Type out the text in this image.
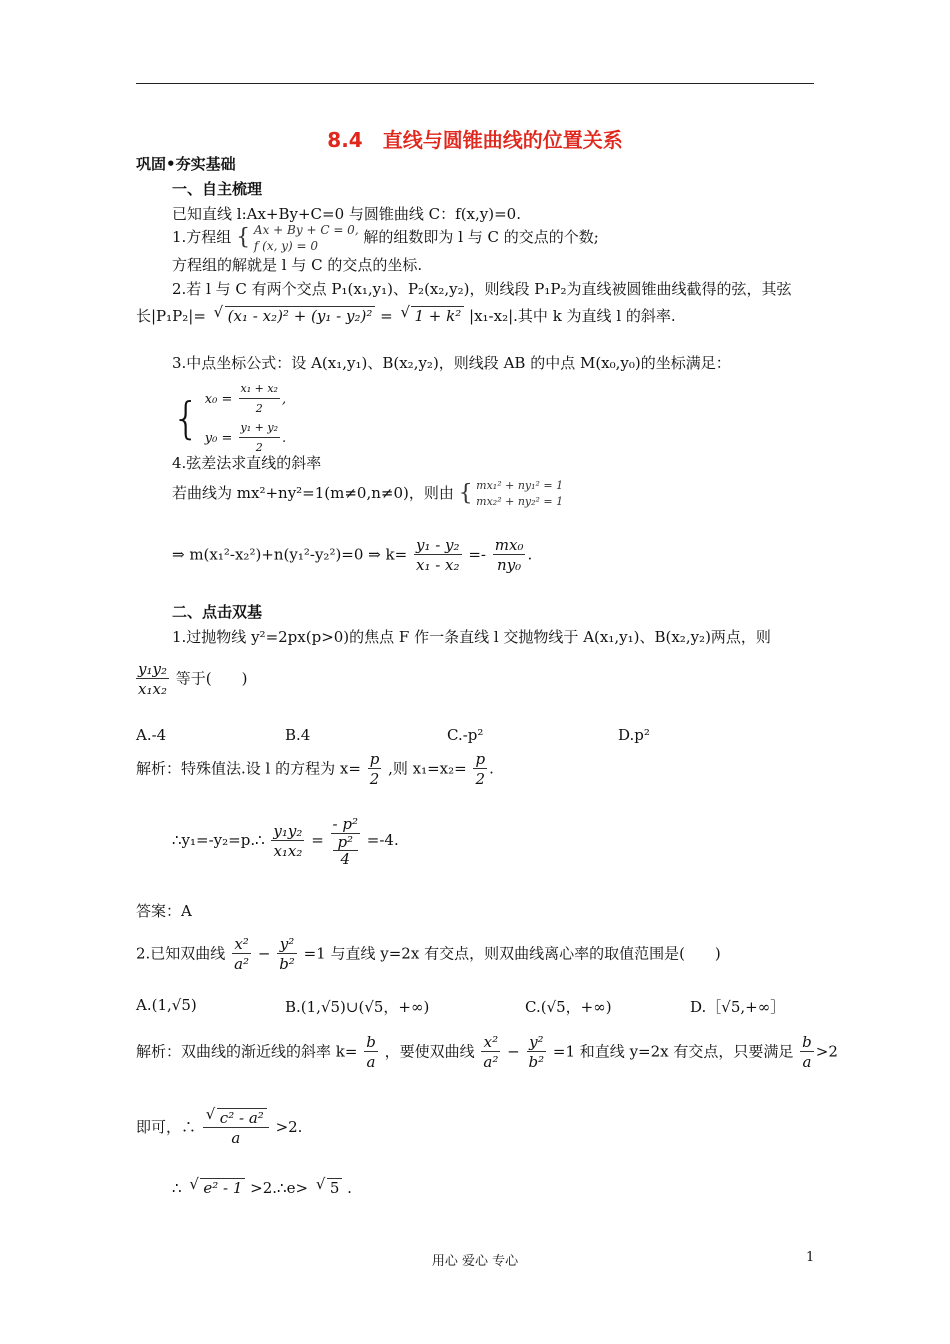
8.4　直线与圆锥曲线的位置关系
巩固•夯实基础
一、自主梳理
已知直线 l:Ax+By+C=0 与圆锥曲线 C：f(x,y)=0.
1.方程组 { Ax + By + C = 0,
f (x, y) = 0	解的组数即为 l 与 C 的交点的个数;
方程组的解就是 l 与 C 的交点的坐标.
2.若 l 与 C 有两个交点 P₁(x₁,y₁)、P₂(x₂,y₂)，则线段 P₁P₂为直线被圆锥曲线截得的弦，其弦
长|P₁P₂|= √ (x₁ - x₂)² + (y₁ - y₂)² = √ 1 + k² |x₁-x₂|.其中 k 为直线 l 的斜率.
3.中点坐标公式：设 A(x₁,y₁)、B(x₂,y₂)，则线段 AB 的中点 M(x₀,y₀)的坐标满足：
{ $x_0 = \frac{\text{x₁ + x₂}}{2}$ ,
$y_0 = \frac{\text{y₁ + y₂}}{2}$ .
4.弦差法求直线的斜率
若曲线为 mx²+ny²=1(m≠0,n≠0)，则由 { mx₁² + ny₁² = 1
mx₂² + ny₂² = 1
⇒ m(x₁²-x₂²)+n(y₁²-y₂²)=0 ⇒ $k= \frac{\text{y₁ - y₂}}{\text{x₁ - x₂}} =- \frac{\text{mx₀}}{\text{ny₀}}$ .
二、点击双基
1.过抛物线 y²=2px(p>0)的焦点 F 作一条直线 l 交抛物线于 A(x₁,y₁)、B(x₂,y₂)两点，则
$\frac{\text{y₁y₂}}{\text{x₁x₂}}$ 等于(　　)
A.-4	B.4	C.-p²	D.p²
解析：特殊值法.设 l 的方程为 $x= \frac{p}{2}$ ,则 $x_1=x_2= \frac{p}{2}$ .
∴y₁=-y₂=p.∴ $\frac{\text{y₁y₂}}{\text{x₁x₂}}$ = - p²
p²
4 =-4.
答案：A
2.已知双曲线 $\frac{\text{x²}}{\text{a²}} - \frac{\text{y²}}{\text{b²}} =1$ 与直线 y=2x 有交点，则双曲线离心率的取值范围是(　　)
A.(1,√5)	B.(1,√5)∪(√5，+∞)	C.(√5，+∞)	D.［√5,+∞］
解析：双曲线的渐近线的斜率 $k= \frac{b}{a}$ ，要使双曲线 $\frac{\text{x²}}{\text{a²}} - \frac{\text{y²}}{\text{b²}} =1$ 和直线 y=2x 有交点，只要满足 $\frac{b}{a} >2$
即可，∴ √ $\frac{\text{c² - a²}}{a} >2$.
∴ √ e² - 1 >2.∴e> √ 5 .
用心 爱心 专心	1
